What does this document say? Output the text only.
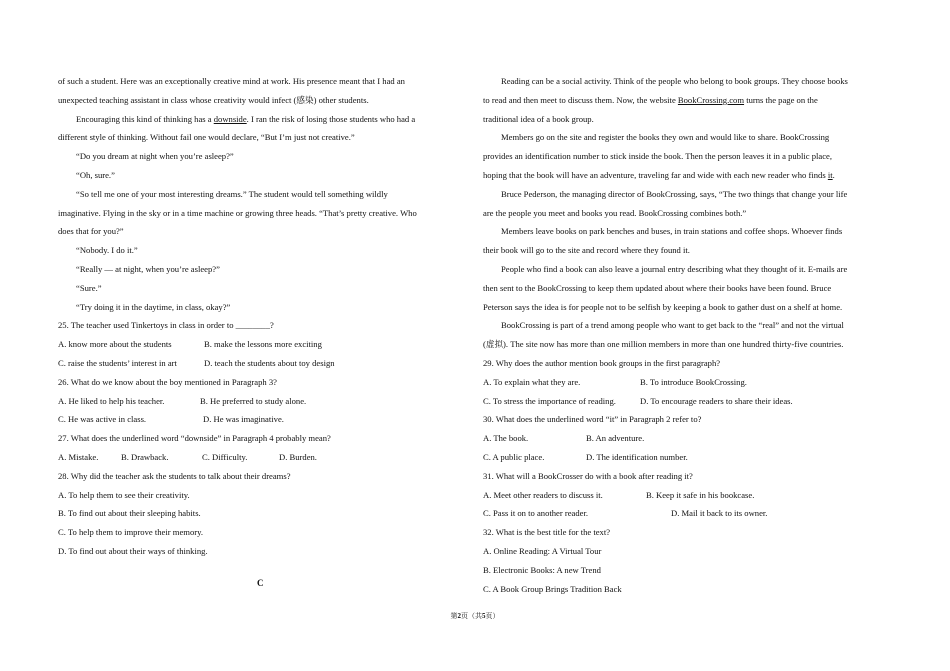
of such a student. Here was an exceptionally creative mind at work. His presence meant that I had an

unexpected teaching assistant in class whose creativity would infect (感染) other students.

Encouraging this kind of thinking has a downside. I ran the risk of losing those students who had a

different style of thinking. Without fail one would declare, “But I’m just not creative.”

“Do you dream at night when you’re asleep?”

“Oh, sure.”

“So tell me one of your most interesting dreams.” The student would tell something wildly

imaginative. Flying in the sky or in a time machine or growing three heads. “That’s pretty creative. Who

does that for you?”

“Nobody. I do it.”

“Really — at night, when you’re asleep?”

“Sure.”

“Try doing it in the daytime, in class, okay?”

25. The teacher used Tinkertoys in class in order to ________?

A. know more about the students	B. make the lessons more exciting

C. raise the students’ interest in art	D. teach the students about toy design

26. What do we know about the boy mentioned in Paragraph 3?

A. He liked to help his teacher.	B. He preferred to study alone.

C. He was active in class.	D. He was imaginative.

27. What does the underlined word “downside” in Paragraph 4 probably mean?

A. Mistake.	B. Drawback.	C. Difficulty.	D. Burden.

28. Why did the teacher ask the students to talk about their dreams?

A. To help them to see their creativity.

B. To find out about their sleeping habits.

C. To help them to improve their memory.

D. To find out about their ways of thinking.

C

Reading can be a social activity. Think of the people who belong to book groups. They choose books

to read and then meet to discuss them. Now, the website BookCrossing.com turns the page on the

traditional idea of a book group.

Members go on the site and register the books they own and would like to share. BookCrossing

provides an identification number to stick inside the book. Then the person leaves it in a public place,

hoping that the book will have an adventure, traveling far and wide with each new reader who finds it.

Bruce Pederson, the managing director of BookCrossing, says, “The two things that change your life

are the people you meet and books you read. BookCrossing combines both.”

Members leave books on park benches and buses, in train stations and coffee shops. Whoever finds

their book will go to the site and record where they found it.

People who find a book can also leave a journal entry describing what they thought of it. E-mails are

then sent to the BookCrossing to keep them updated about where their books have been found. Bruce

Peterson says the idea is for people not to be selfish by keeping a book to gather dust on a shelf at home.

BookCrossing is part of a trend among people who want to get back to the “real” and not the virtual

(虚拟). The site now has more than one million members in more than one hundred thirty-five countries.

29. Why does the author mention book groups in the first paragraph?

A. To explain what they are.	B. To introduce BookCrossing.

C. To stress the importance of reading.	D. To encourage readers to share their ideas.

30. What does the underlined word “it” in Paragraph 2 refer to?

A. The book.	B. An adventure.

C. A public place.	D. The identification number.

31. What will a BookCrosser do with a book after reading it?

A. Meet other readers to discuss it.	B. Keep it safe in his bookcase.

C. Pass it on to another reader.	D. Mail it back to its owner.

32. What is the best title for the text?

A. Online Reading: A Virtual Tour

B. Electronic Books: A new Trend

C. A Book Group Brings Tradition Back

第2页（共5页）
